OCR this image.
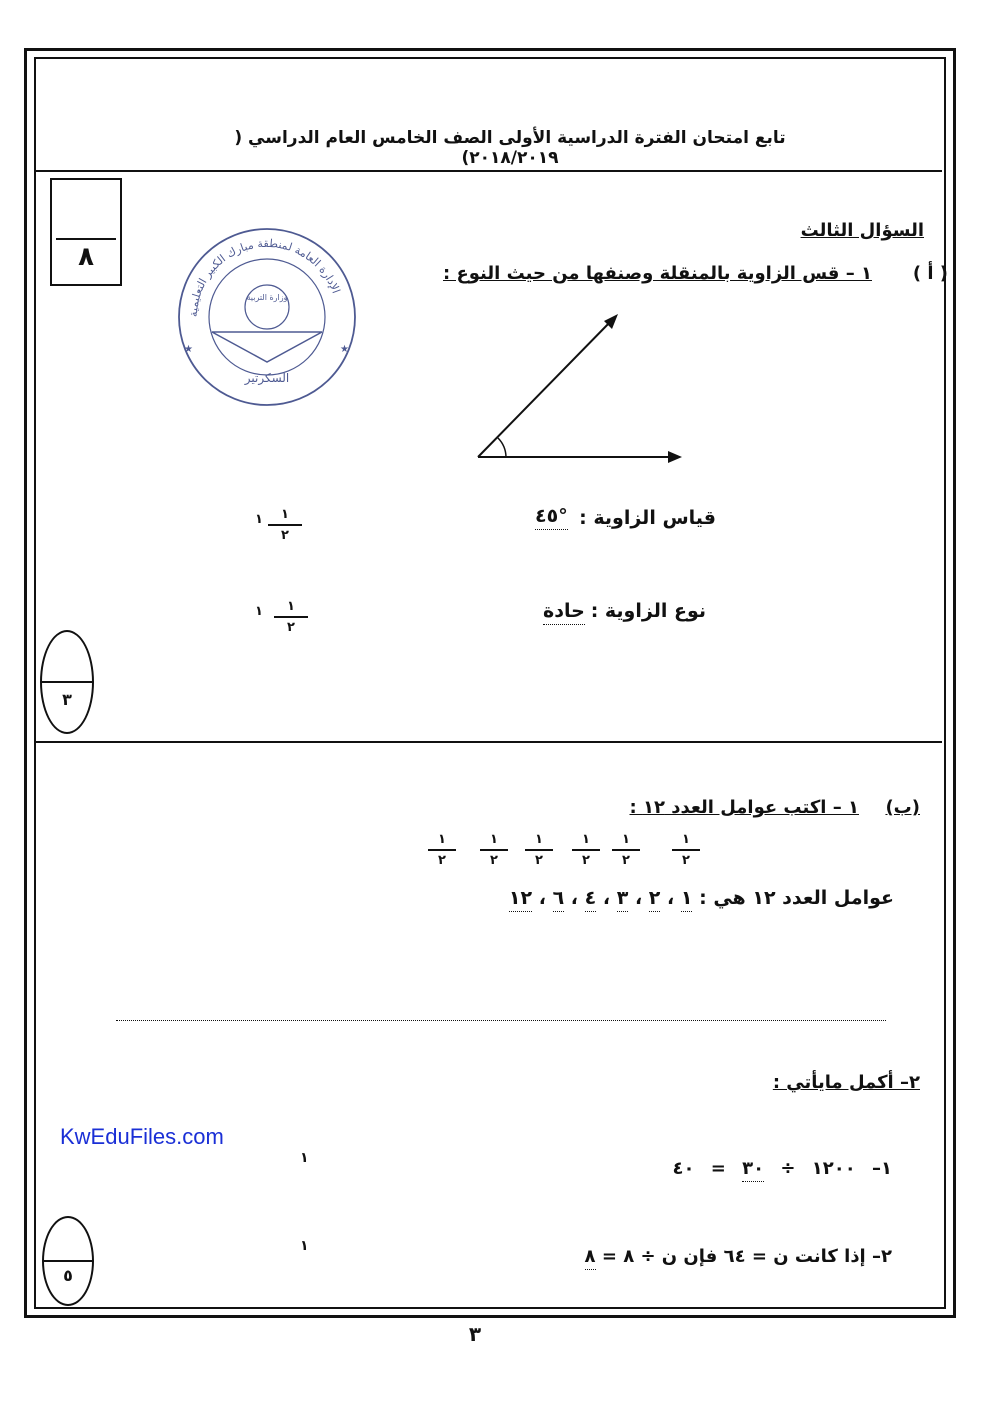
تابع امتحان الفترة الدراسية الأولى الصف الخامس العام الدراسي ( ٢٠١٨/٢٠١٩)
٨
الإدارة العامة لمنطقة مبارك الكبير التعليمية
★	★
السكرتير
وزارة التربية
السؤال الثالث
( أ )
١ – قس الزاوية بالمنقلة وصنفها من حيث النوع :
قياس الزاوية :
٤٥°
نوع الزاوية :
حادة
١	١
٢
١	١
٢
٣
(ب)
١ – اكتب عوامل العدد ١٢ :
١
٢
١
٢
١
٢
١
٢
١
٢
١
٢
عوامل العدد ١٢ هي : ١ ، ٢ ، ٣ ، ٤ ، ٦ ، ١٢
٢– أكمل مايأتي :
KwEduFiles.com
١– ١٢٠٠ ÷ ٣٠ = ٤٠
٢– إذا كانت ن = ٦٤ فإن ن ÷ ٨ = ٨
١
١
٥
٣
